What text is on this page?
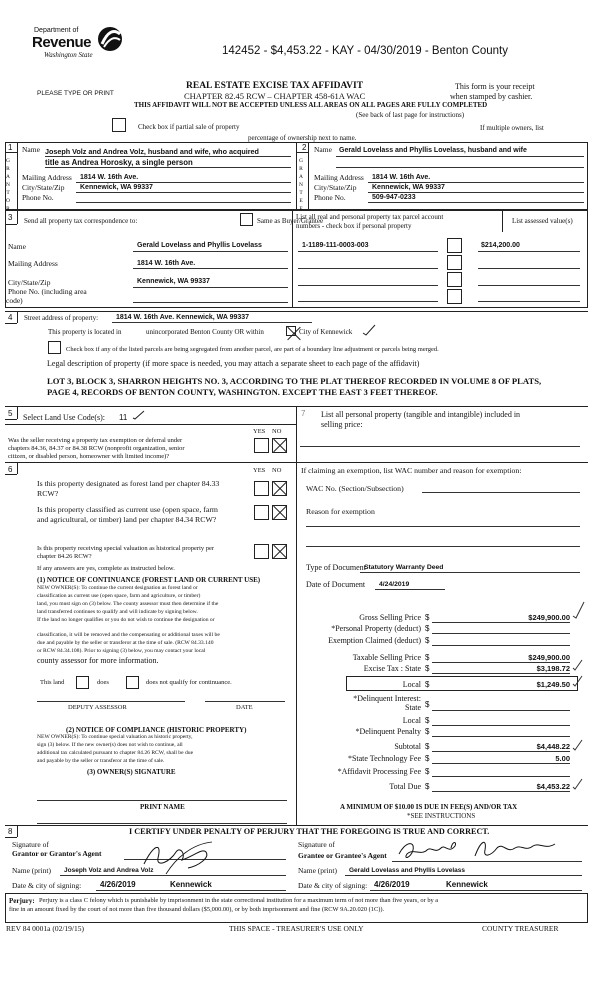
Department of
Revenue
Washington State	142452 - $4,453.22 - KAY - 04/30/2019 - Benton County
PLEASE TYPE OR PRINT
REAL ESTATE EXCISE TAX AFFIDAVIT
CHAPTER 82.45 RCW – CHAPTER 458-61A WAC
This form is your receipt
when stamped by cashier.
THIS AFFIDAVIT WILL NOT BE ACCEPTED UNLESS ALL AREAS ON ALL PAGES ARE FULLY COMPLETED
(See back of last page for instructions)
Check box if partial sale of property	If multiple owners, list
percentage of ownership next to name.
1
G
R
A
N
T
O
R
Name Joseph Volz and Andrea Volz, husband and wife, who acquired
title as Andrea Horosky, a single person
Mailing Address 1814 W. 16th Ave.
City/State/Zip Kennewick, WA 99337
Phone No.
2
G
R
A
N
T
E
E
Name Gerald Lovelass and Phyllis Lovelass, husband and wife
Mailing Address 1814 W. 16th Ave.
City/State/Zip Kennewick, WA 99337
Phone No.	509-947-0233
3 Send all property tax correspondence to:	Same as Buyer/Grantee
List all real and personal property tax parcel account
numbers - check box if personal property
List assessed value(s)
Name	Gerald Lovelass and Phyllis Lovelass
Mailing Address	1814 W. 16th Ave.
City/State/Zip	Kennewick, WA 99337
Phone No. (including area
code)
1-1189-111-0003-003	$214,200.00
4 Street address of property:	1814 W. 16th Ave. Kennewick, WA 99337
This property is located in	unincorporated Benton County OR within	City of Kennewick
Check box if any of the listed parcels are being segregated from another parcel, are part of a boundary line adjustment or parcels being merged.
Legal description of property (if more space is needed, you may attach a separate sheet to each page of the affidavit)
LOT 3, BLOCK 3, SHARRON HEIGHTS NO. 3, ACCORDING TO THE PLAT THEREOF RECORDED IN VOLUME 8 OF PLATS,
PAGE 4, RECORDS OF BENTON COUNTY, WASHINGTON. EXCEPT THE EAST 3 FEET THEREOF.
5 Select Land Use Code(s): 11
YES NO
Was the seller receiving a property tax exemption or deferral under
chapters 84.36, 84.37 or 84.38 RCW (nonprofit organization, senior
citizen, or disabled person, homeowner with limited income)?
6	YES NO
Is this property designated as forest land per chapter 84.33
RCW?
Is this property classified as current use (open space, farm
and agricultural, or timber) land per chapter 84.34 RCW?
Is this property receiving special valuation as historical property per
chapter 84.26 RCW?
If any answers are yes, complete as instructed below.
(1) NOTICE OF CONTINUANCE (FOREST LAND OR CURRENT USE)
NEW OWNER(S): To continue the current designation as forest land or
classification as current use (open space, farm and agriculture, or timber)
land, you must sign on (3) below. The county assessor must then determine if the
land transferred continues to qualify and will indicate by signing below.
If the land no longer qualifies or you do not wish to continue the designation or
classification, it will be removed and the compensating or additional taxes will be
due and payable by the seller or transferor at the time of sale. (RCW 84.33.140
or RCW 84.34.108). Prior to signing (3) below, you may contact your local
county assessor for more information.
This land	does	does not qualify for continuance.
DEPUTY ASSESSOR	DATE
(2) NOTICE OF COMPLIANCE (HISTORIC PROPERTY)
NEW OWNER(S): To continue special valuation as historic property,
sign (3) below. If the new owner(s) does not wish to continue, all
additional tax calculated pursuant to chapter 84.26 RCW, shall be due
and payable by the seller or transferor at the time of sale.
(3) OWNER(S) SIGNATURE
PRINT NAME
7 List all personal property (tangible and intangible) included in
selling price:
If claiming an exemption, list WAC number and reason for exemption:
WAC No. (Section/Subsection)
Reason for exemption
Type of Document
Statutory Warranty Deed
Date of Document 4/24/2019
Gross Selling Price $	$249,900.00
*Personal Property (deduct) $
Exemption Claimed (deduct) $
Taxable Selling Price $	$249,900.00
Excise Tax : State $	$3,198.72
Local $	$1,249.50
*Delinquent Interest: State $
Local $
*Delinquent Penalty $
Subtotal $	$4,448.22
*State Technology Fee $	5.00
*Affidavit Processing Fee $
Total Due $	$4,453.22
A MINIMUM OF $10.00 IS DUE IN FEE(S) AND/OR TAX
*SEE INSTRUCTIONS
8	I CERTIFY UNDER PENALTY OF PERJURY THAT THE FOREGOING IS TRUE AND CORRECT.
Signature of
Grantor or Grantor's Agent
Name (print) Joseph Volz and Andrea Volz
Date & city of signing: 4/26/2019	Kennewick
Signature of
Grantee or Grantee's Agent
Name (print) Gerald Lovelass and Phyllis Lovelass
Date & city of signing: 4/26/2019	Kennewick
Perjury: Perjury is a class C felony which is punishable by imprisonment in the state correctional institution for a maximum term of not more than five years, or by a
fine in an amount fixed by the court of not more than five thousand dollars ($5,000.00), or by both imprisonment and fine (RCW 9A.20.020 (1C)).
REV 84 0001a (02/19/15)	THIS SPACE - TREASURER'S USE ONLY	COUNTY TREASURER
